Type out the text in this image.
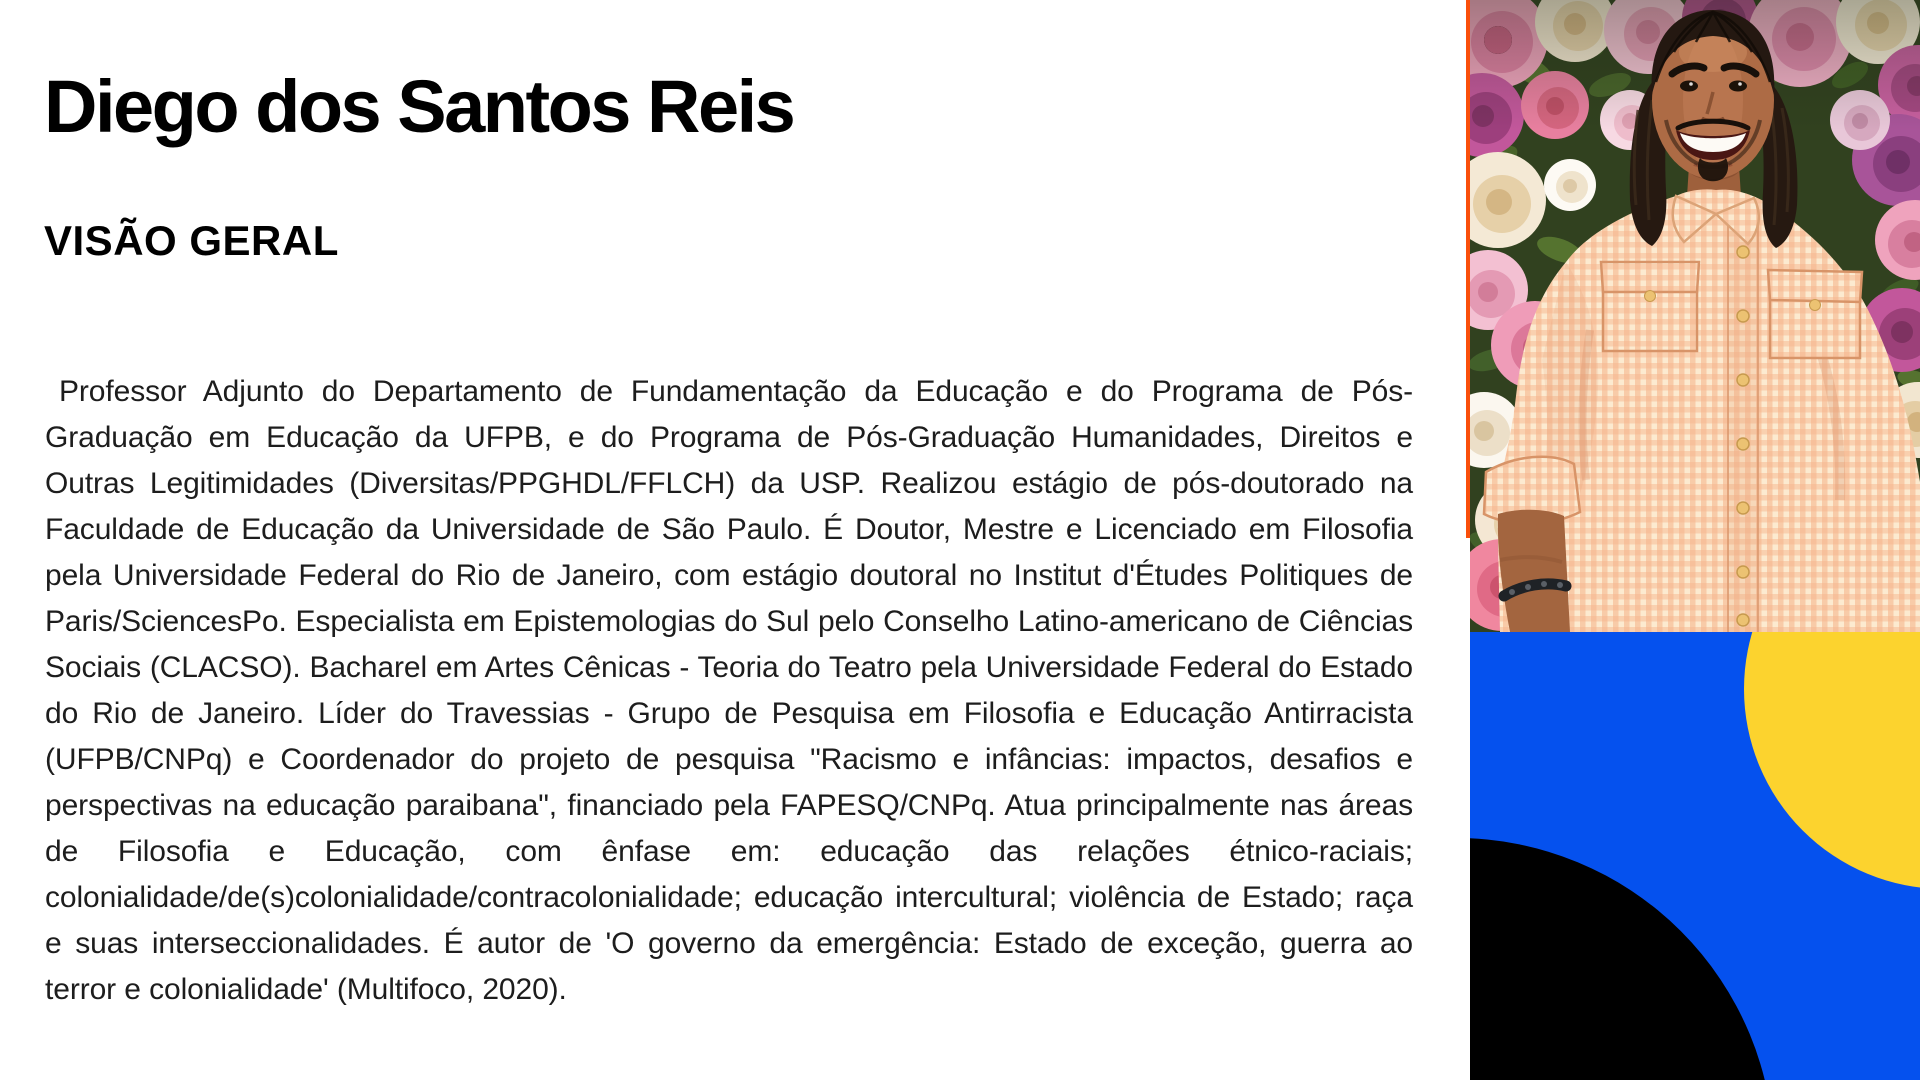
Diego dos Santos Reis
VISÃO GERAL

Professor Adjunto do Departamento de Fundamentação da Educação e do Programa de Pós-Graduação em Educação da UFPB, e do Programa de Pós-Graduação Humanidades, Direitos e Outras Legitimidades (Diversitas/PPGHDL/FFLCH) da USP. Realizou estágio de pós-doutorado na Faculdade de Educação da Universidade de São Paulo. É Doutor, Mestre e Licenciado em Filosofia pela Universidade Federal do Rio de Janeiro, com estágio doutoral no Institut d'Études Politiques de Paris/SciencesPo. Especialista em Epistemologias do Sul pelo Conselho Latino-americano de Ciências Sociais (CLACSO). Bacharel em Artes Cênicas - Teoria do Teatro pela Universidade Federal do Estado do Rio de Janeiro. Líder do Travessias - Grupo de Pesquisa em Filosofia e Educação Antirracista (UFPB/CNPq) e Coordenador do projeto de pesquisa "Racismo e infâncias: impactos, desafios e perspectivas na educação paraibana", financiado pela FAPESQ/CNPq. Atua principalmente nas áreas de Filosofia e Educação, com ênfase em: educação das relações étnico-raciais; colonialidade/de(s)colonialidade/contracolonialidade; educação intercultural; violência de Estado; raça e suas interseccionalidades. É autor de 'O governo da emergência: Estado de exceção, guerra ao terror e colonialidade' (Multifoco, 2020).
